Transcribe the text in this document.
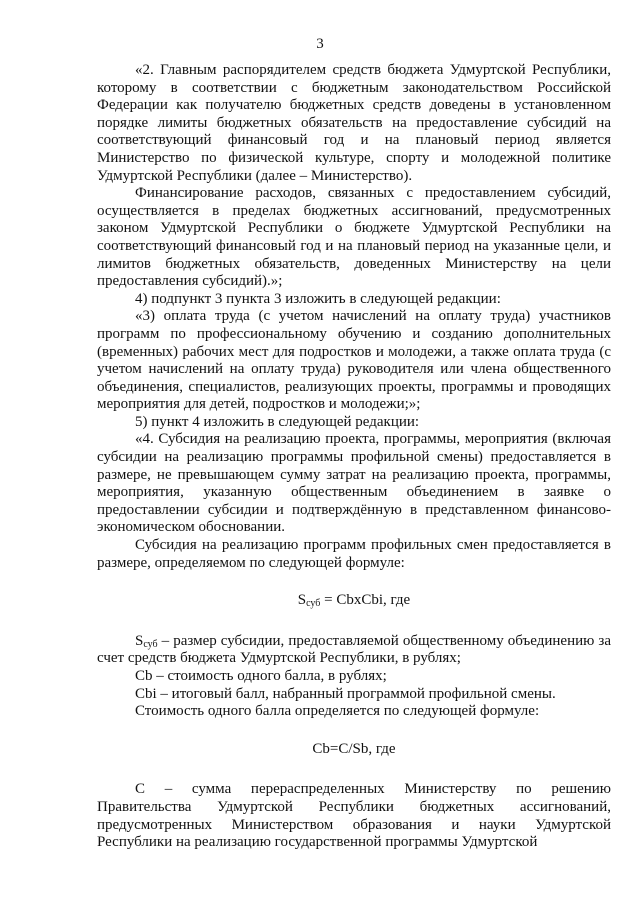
3

«2. Главным распорядителем средств бюджета Удмуртской Республики, которому в соответствии с бюджетным законодательством Российской Федерации как получателю бюджетных средств доведены в установленном порядке лимиты бюджетных обязательств на предоставление субсидий на соответствующий финансовый год и на плановый период является Министерство по физической культуре, спорту и молодежной политике Удмуртской Республики (далее – Министерство).

Финансирование расходов, связанных с предоставлением субсидий, осуществляется в пределах бюджетных ассигнований, предусмотренных законом Удмуртской Республики о бюджете Удмуртской Республики на соответствующий финансовый год и на плановый период на указанные цели, и лимитов бюджетных обязательств, доведенных Министерству на цели предоставления субсидий).»;

4) подпункт 3 пункта 3 изложить в следующей редакции:

«3) оплата труда (с учетом начислений на оплату труда) участников программ по профессиональному обучению и созданию дополнительных (временных) рабочих мест для подростков и молодежи, а также оплата труда (с учетом начислений на оплату труда) руководителя или члена общественного объединения, специалистов, реализующих проекты, программы и проводящих мероприятия для детей, подростков и молодежи;»;

5) пункт 4 изложить в следующей редакции:

«4. Субсидия на реализацию проекта, программы, мероприятия (включая субсидии на реализацию программы профильной смены) предоставляется в размере, не превышающем сумму затрат на реализацию проекта, программы, мероприятия, указанную общественным объединением в заявке о предоставлении субсидии и подтверждённую в представленном финансово-экономическом обосновании.

Субсидия на реализацию программ профильных смен предоставляется в размере, определяемом по следующей формуле:

$S_{суб}$ = CbxCbi, где

$S_{суб}$ – размер субсидии, предоставляемой общественному объединению за счет средств бюджета Удмуртской Республики, в рублях;

Cb – стоимость одного балла, в рублях;

Cbi – итоговый балл, набранный программой профильной смены.

Стоимость одного балла определяется по следующей формуле:

Cb=C/Sb, где

С – сумма перераспределенных Министерству по решению Правительства Удмуртской Республики бюджетных ассигнований, предусмотренных Министерством образования и науки Удмуртской Республики на реализацию государственной программы Удмуртской
